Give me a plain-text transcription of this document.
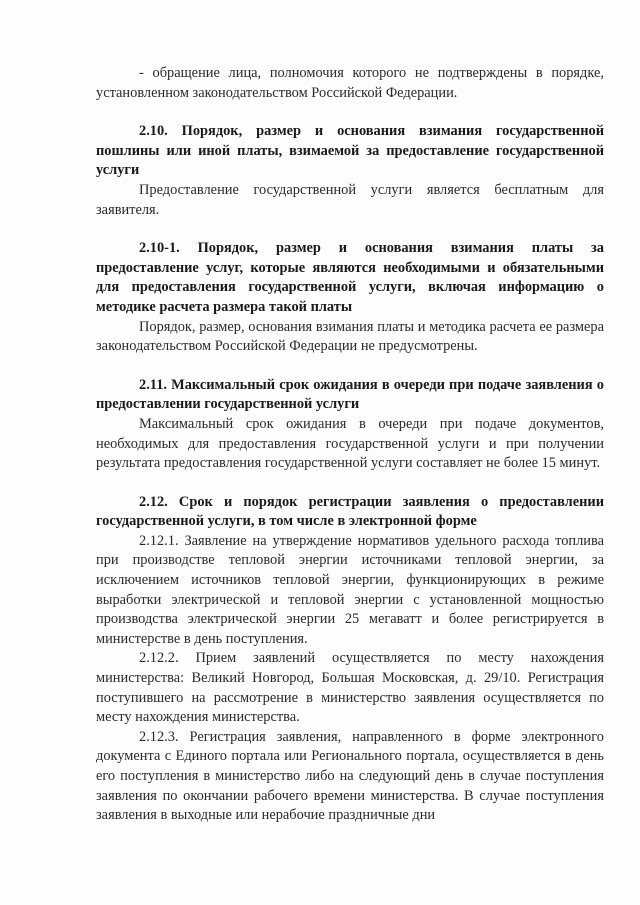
- обращение лица, полномочия которого не подтверждены в порядке, установленном законодательством Российской Федерации.

2.10. Порядок, размер и основания взимания государственной пошлины или иной платы, взимаемой за предоставление государственной услуги

Предоставление государственной услуги является бесплатным для заявителя.

2.10-1. Порядок, размер и основания взимания платы за предоставление услуг, которые являются необходимыми и обязательными для предоставления государственной услуги, включая информацию о методике расчета размера такой платы

Порядок, размер, основания взимания платы и методика расчета ее размера законодательством Российской Федерации не предусмотрены.

2.11. Максимальный срок ожидания в очереди при подаче заявления о предоставлении государственной услуги

Максимальный срок ожидания в очереди при подаче документов, необходимых для предоставления государственной услуги и при получении результата предоставления государственной услуги составляет не более 15 минут.

2.12. Срок и порядок регистрации заявления о предоставлении государственной услуги, в том числе в электронной форме

2.12.1. Заявление на утверждение нормативов удельного расхода топлива при производстве тепловой энергии источниками тепловой энергии, за исключением источников тепловой энергии, функционирующих в режиме выработки электрической и тепловой энергии с установленной мощностью производства электрической энергии 25 мегаватт и более регистрируется в министерстве в день поступления.

2.12.2. Прием заявлений осуществляется по месту нахождения министерства: Великий Новгород, Большая Московская, д. 29/10. Регистрация поступившего на рассмотрение в министерство заявления осуществляется по месту нахождения министерства.

2.12.3. Регистрация заявления, направленного в форме электронного документа с Единого портала или Регионального портала, осуществляется в день его поступления в министерство либо на следующий день в случае поступления заявления по окончании рабочего времени министерства. В случае поступления заявления в выходные или нерабочие праздничные дни
